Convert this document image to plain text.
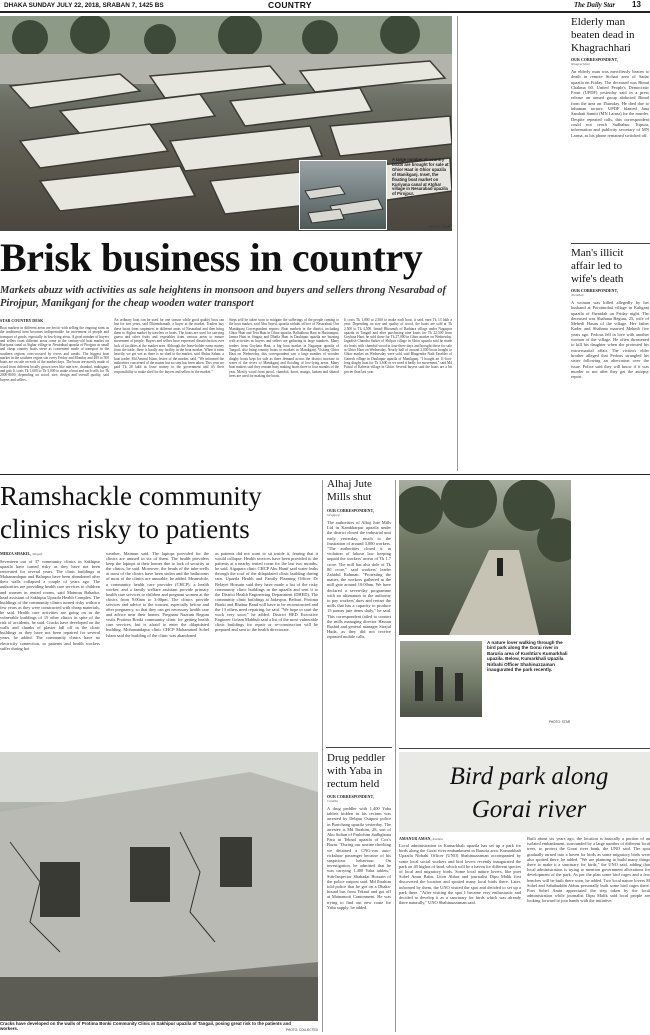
DHAKA SUNDAY JULY 22, 2018, SRABAN 7, 1425 BS	COUNTRY	The Daily Star	13
A large number of country boats are brought for sale at Ghior Haat in Ghior upazila of Manikganj. Inset, the floating boat market on Kuriyana canal at Atghar village in Nesarabad upazila of Pirojpur.
PHOTO: STAR
Brisk business in country
Markets abuzz with activities as sale heightens in monsoon and buyers and sellers throng Nesarabad of Pirojpur, Manikganj for the cheap wooden water transport
STAR COUNTRY DESK
Boat markets in different areas are hectic with selling the ongoing rains as the traditional item becomes indispensable for movement of people and transport of goods, especially in low-lying areas. A good number of buyers and sellers from different areas come to the century-old boat market on Kuriyana canal at Atghar village in Nesarabad upazila of Pirojpur as small and cheap country boats serve as convenient mode of transport in the southern regions criss-crossed by rivers and canals. The biggest boat market in the southern region sits every Friday and Monday and 400 to 500 boats are on sale on each of the market days. The boats are mostly made of wood from different locally grown trees like rain tree, chambol, mahogany and gab. It costs Tk 1,600 to Tk 5,000 to make a boat and each sells for Tk 2000-8000, depending on wood, size, design and overall quality, said buyers and sellers.
An ordinary boat can be used for one season while good quality boat can last for two years, said Dhirendranath, a buyer at the market. Traders buy these boats from carpenters in different areas of Nesarabad and then bring them to Atghar market by trawlers or boats. The boats are used for carrying guava and other fruits and vegetables from various areas to ensure movement of people. Buyers and sellers have expressed dissatisfaction over lack of facilities at the market area. Although the lease-holder earns money from the trade, there is hardly any facility in the boat market. When it rains heavily, we get wet as there is no shed in the market, said Abdus Salam, a boat trader. Md Amirul Islam, lessee of the market, said, "We informed the authorities concerned of the matter but no step has been taken. This year we paid Tk 28 lakh as lease money to the government and it's their responsibility to make shed for the buyers and sellers in the market."
Steps will be taken soon to mitigate the sufferings of the people coming to the boat market, said Abu Sayed, upazila nirbahi officer of Nesarabad. Our Manikganj Correspondent reports: Boat markets in the district, including Ghior Haat and Teta Haat in Ghior upazila, Baliakhora Haat in Harirampur, Jamsa Haat in Singair and Dhaila Haat in Daulatpur upazila are buzzing with activities as buyers and sellers are gathering in large numbers. Many traders from Goyhata Haat, a big boat market in Nagarpur upazila of Tangail, also bring country boats to markets in Manikganj. Visiting Ghior Haat on Wednesday, this correspondent saw a large number of wooden dinghy boats kept for sale as there demand across the district increase in water of the rivers of Manikganj and flooding of low-lying areas. Many boat makers said they remain busy making boats three to four months of the year. Mostly wood from jarool, chambol, koroi, mango, kadam and shimul trees are used for making the boats.
It costs Tk 1,800 to 2,500 to make each boat, it said, earn Tk 13 lakh a year. Depending on size and quality of wood, the boats are sold at Tk 2,500 to Tk 4,500. Ismail Bhowmik of Bathiara village under Nagarpur upazila in Tangail and after purchasing nine boats for Tk 22,500 from Goyhata Haat, he sold those for Tk 27,000 in Ghior market on Wednesday. Jagadish Chandra Sarker of Shilpur village in Ghior upazila said he made six boats with chambol wood in four-three days and brought those for sale at Ghior Haat on Wednesday. Nearly half of around 2,000 boats bought to Ghior market on Wednesday were sold, said Bhagendra Nath Tarafder of Ganesh village in Daulatpur upazila of Manikganj. "I bought an 11-foot-long dinghy boat for Tk 3,600 as we need it badly for movement," said Md Faisal of Kaberia village in Ghior. Several buyers said the boats are a bit pricier than last year.
Elderly man beaten dead in Khagrachhari
OUR CORRESPONDENT,
Khagrachhari
An elderly man was mercilessly beaten to death in remote Sichari area of Sadar upazila on Friday. The deceased was Bimal Chakma 60. United People's Democratic Front (UPDF) yesterday said in a press release an armed group abducted Bimal from the area on Thursday. He died due to inhuman torture. UPDF blamed Jana Samhati Samiti (MN Larma) for the murder. Despite repeated calls, this correspondent could not reach Sudhahsu Tripura, information and publicity secretary of MN Larma, as his phone remained switched off.
Man's illicit affair led to wife's death
OUR CORRESPONDENT,
Jhenidah
A woman was killed allegedly by her husband at Poroimohal village in Kaliganj upazila of Jhenidah on Friday night. The deceased was Shahana Begum, 25, wife of Mehedi Hasan of the village. Her father Kader and Shahana married Mehedi five years ago. Fedous fell in love with another woman of the village. He often threatened to kill his daughter when she protested his extra-marital affair. The victim's elder brother alleged that Fedous strangled his sister following an altercation over the issue. Police said they will know if it was murder or not after they get the autopsy report.
Ramshackle community clinics risky to patients
MIRZA SHAKIL, Tangail
Seventeen out of 37 community clinics in Sakhipur upazila have turned risky as they have not been renovated for several years. The clinic buildings at Mohanandapur and Balarpur have been abandoned after their walls collapsed a couple of years ago. The authorities are providing health care services to children and women in rented rooms, said Maimun Bahadur, head assistant of Sakhipur Upazila Health Complex. The buildings of the community clinics turned risky within a few years as they were constructed with cheap materials, he said. Health care activities are going on in the vulnerable buildings of 15 other clinics in spite of the risk of accidents, he said. Cracks have developed on the walls and chunks of plaster fall off in the clinic buildings as they have not been repaired for several years, he added. The community clinics have no electricity connection, so patients and health workers suffer during hot
weather, Maimun said. The laptops provided for the clinics are unused in six of them. The health providers keep the laptops at their homes due to lack of security at the clinics, he said. Moreover, the heads of the tube-wells at most of the clinics have been stolen and the bathrooms of most of the clinics are unusable, he added. Meanwhile, a community health care provider (CHCP), a health worker, and a family welfare assistant provide primary health care services to children and pregnant women at the clinics from 9:00am to 3:00pm. The clinics provide services and advice to the women, especially before and after pregnancy, so that they can get necessary health care and advice near their homes. Pregnant Nazrum Begum visits Protima Bonki community clinic for getting health care services, but is afraid to enter the dilapidated building. Mohanandapur clinic CHCP Mohammad Sohel Islam said the building of the clinic was abandoned
as patients did not want to sit inside it, fearing that it would collapse. Health services have been provided to the patients at a nearby rented room for the last two months, he said. Atgapara clinic CHCP Abu Hanif said water leaks through the roof of the dilapidated clinic building during rain. Upazila Health and Family Planning Officer Dr Belayet Hossain said they have made a list of the risky community clinic buildings in the upazila and sent it to the District Health Engineering Department (DHED). The community clinic buildings at Jadavpur, Betbari, Protima Bonki and Bhabur Band will have to be reconstructed and the 13 others need repairing, he said. "We hope to start the work very soon," he added. District HED Executive Engineer Golam Mahbub said a list of the most vulnerable clinic buildings for repair or re-construction will be prepared and sent to the health directorate.
Cracks have developed on the walls of Protima Bonki Community Clinic in Sakhipur upazila of Tangail, posing great risk to the patients and workers.	PHOTO: COLLECTED
Alhaj Jute Mills shut
OUR CORRESPONDENT,
Sirajganj
The authorities of Alhaj Jute Mills Ltd in Kamkharpur upazila under the district closed the industrial unit early yesterday, much to the frustration of around 3,000 workers. "The authorities closed it in violation of labour law keeping unpaid the workers' arrear of Tk 1.7 crore. The mill has also dole of Tk 80 crore," said workers' leader Zahidul Rahman. "Protesting the matter, the workers gathered at the mill gate around 10:00am. We have declared a seven-day programme with an ultimatum to the authority to pay workers' dues and restart the mills that has a capacity to produce 15 tonnes jute items daily," he said. This correspondent failed to contact the mills managing director Hassan Rashid and general manager Sirajul Huda, as they did not receive repeated mobile calls.
Drug peddler with Yaba in rectum held
OUR CORRESPONDENT,
Comilla
A drug peddler with 1,400 Yaba tablets hidden in his rectum was arrested by Debpur Outpost police in Burichang upazila yesterday. The arrestee is Md Ibrahim, 28, son of Abu Sultan of Pashchim Sadhghona Para in Teknaf upazila of Cox's Bazar. "During our routine checking we detained a CNG-run auto-rickshaw passenger because of his suspicious behaviour. On investigation, he admitted that he was carrying 1,400 Yaba tablets," Sub-Inspector Shahadat Hossain of the police outpost said. Md Ibrahim told police that he got on a Dhaka-bound bus from Teknaf and got off at Mainamoti Cantonment. He was trying to find out new route for Yaba supply, he added.
A nature lover walking through the bird park along the Gorai river in Baruria area of Kushtia's Kumarkhali upazila. Below, Kumarkhali Upazila Nirbahi Officer Shahinuzzaman inaugurated the park recently.
PHOTO: STAR
Bird park along Gorai river
AMANUR AMAN, Kushtia
Local administration in Kumarkhali upazila has set up a park for birds along the Gorai river embankment in Baruria area. Kumarkhali Upazila Nirbahi Officer (UNO) Shahinuzzaman accompanied by some local social workers and bird lovers recently inaugurated the park on 40 bighas of land, which will be a haven for different species of local and migratory birds. Some local nature lovers, like poet Sohel Amin Babu, Liton Abbas and journalist Dipu Malik first discovered the location and spotted many local birds there. Later, informed by them, the UNO visited the spot and decided to set up a park there. "After visiting the spot I became very enthusiastic and decided to develop it as a sanctuary for birds which was already there naturally," UNO Shahinuzzaman said.
Built about six years ago, the location is basically a portion of an isolated embankment, surrounded by a large number of different local trees, to protect the Gorai river bank, the UNO said. The spot gradually turned into a haven for birds as some migratory birds were also spotted there, he added. "We are planning to build many things there to make it a sanctuary for birds," the UNO said, adding that local administration is trying to mention government allocations for development of the park. As per the plan some bird cages and a few benches will be built there soon, he added. Two local nature lovers M Sohel and Sahabuddin Abbas personally built some bird cages there. Poet Sohel Amin appreciated the step taken by the local administration while journalist Dipu Malik said local people are looking forward to join hands with the initiative.
